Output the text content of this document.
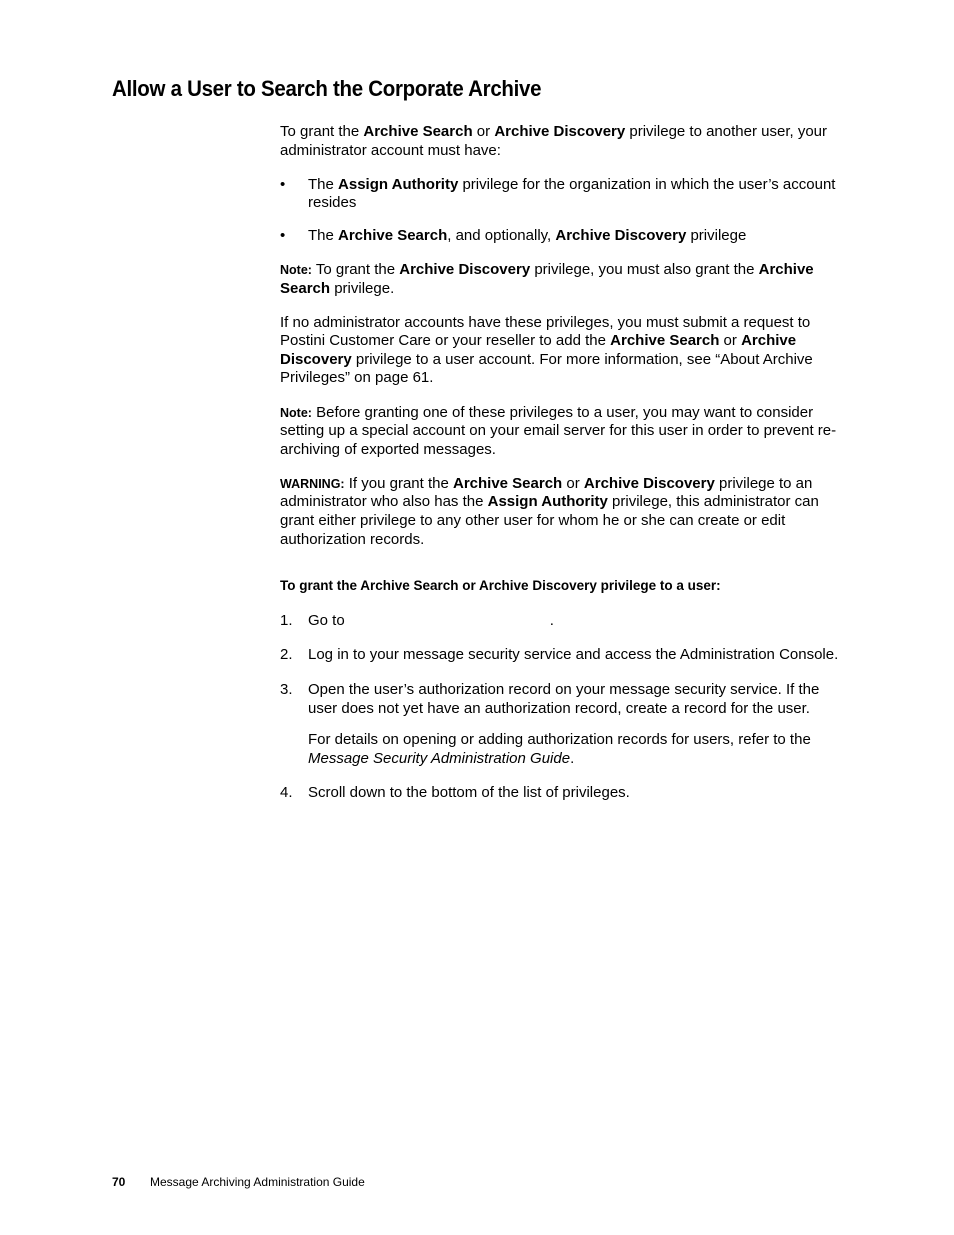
Allow a User to Search the Corporate Archive

To grant the Archive Search or Archive Discovery privilege to another user, your administrator account must have:

• The Assign Authority privilege for the organization in which the user’s account resides
• The Archive Search, and optionally, Archive Discovery privilege

Note: To grant the Archive Discovery privilege, you must also grant the Archive Search privilege.

If no administrator accounts have these privileges, you must submit a request to Postini Customer Care or your reseller to add the Archive Search or Archive Discovery privilege to a user account. For more information, see “About Archive Privileges” on page 61.

Note: Before granting one of these privileges to a user, you may want to consider setting up a special account on your email server for this user in order to prevent re-archiving of exported messages.

WARNING: If you grant the Archive Search or Archive Discovery privilege to an administrator who also has the Assign Authority privilege, this administrator can grant either privilege to any other user for whom he or she can create or edit authorization records.

To grant the Archive Search or Archive Discovery privilege to a user:
1. Go to	.
2. Log in to your message security service and access the Administration Console.
3. Open the user’s authorization record on your message security service. If the user does not yet have an authorization record, create a record for the user.
For details on opening or adding authorization records for users, refer to the Message Security Administration Guide.
4. Scroll down to the bottom of the list of privileges.
70 Message Archiving Administration Guide
